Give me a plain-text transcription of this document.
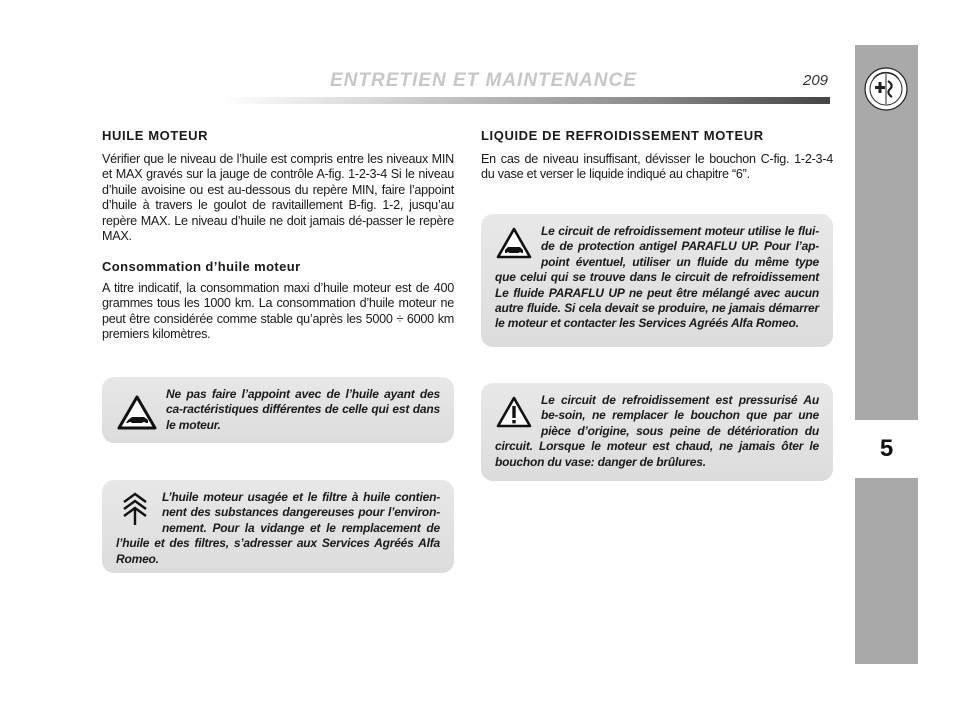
ENTRETIEN ET MAINTENANCE	209
5
HUILE MOTEUR

Vérifier que le niveau de l’huile est compris entre les niveaux MIN et MAX gravés sur la jauge de contrôle A-fig. 1-2-3-4 Si le niveau d’huile avoisine ou est au-dessous du repère MIN, faire l’appoint d’huile à travers le goulot de ravitaillement B-fig. 1-2, jusqu’au repère MAX. Le niveau d’huile ne doit jamais dé-passer le repère MAX.

Consommation d’huile moteur

A titre indicatif, la consommation maxi d’huile moteur est de 400 grammes tous les 1000 km. La consommation d’huile moteur ne peut être considérée comme stable qu’après les 5000 ÷ 6000 km premiers kilomètres.

Ne pas faire l’appoint avec de l’huile ayant des ca-ractéristiques différentes de celle qui est dans le moteur.
L’huile moteur usagée et le filtre à huile contien-nent des substances dangereuses pour l’environ-nement. Pour la vidange et le remplacement de l’huile et des filtres, s’adresser aux Services Agréés Alfa Romeo.
LIQUIDE DE REFROIDISSEMENT MOTEUR

En cas de niveau insuffisant, dévisser le bouchon C-fig. 1-2-3-4 du vase et verser le liquide indiqué au chapitre “6”.

Le circuit de refroidissement moteur utilise le flui-de de protection antigel PARAFLU UP. Pour l’ap-point éventuel, utiliser un fluide du même type que celui qui se trouve dans le circuit de refroidissement Le fluide PARAFLU UP ne peut être mélangé avec aucun autre fluide. Si cela devait se produire, ne jamais démarrer le moteur et contacter les Services Agréés Alfa Romeo.
Le circuit de refroidissement est pressurisé Au be-soin, ne remplacer le bouchon que par une pièce d’origine, sous peine de détérioration du circuit. Lorsque le moteur est chaud, ne jamais ôter le bouchon du vase: danger de brûlures.
